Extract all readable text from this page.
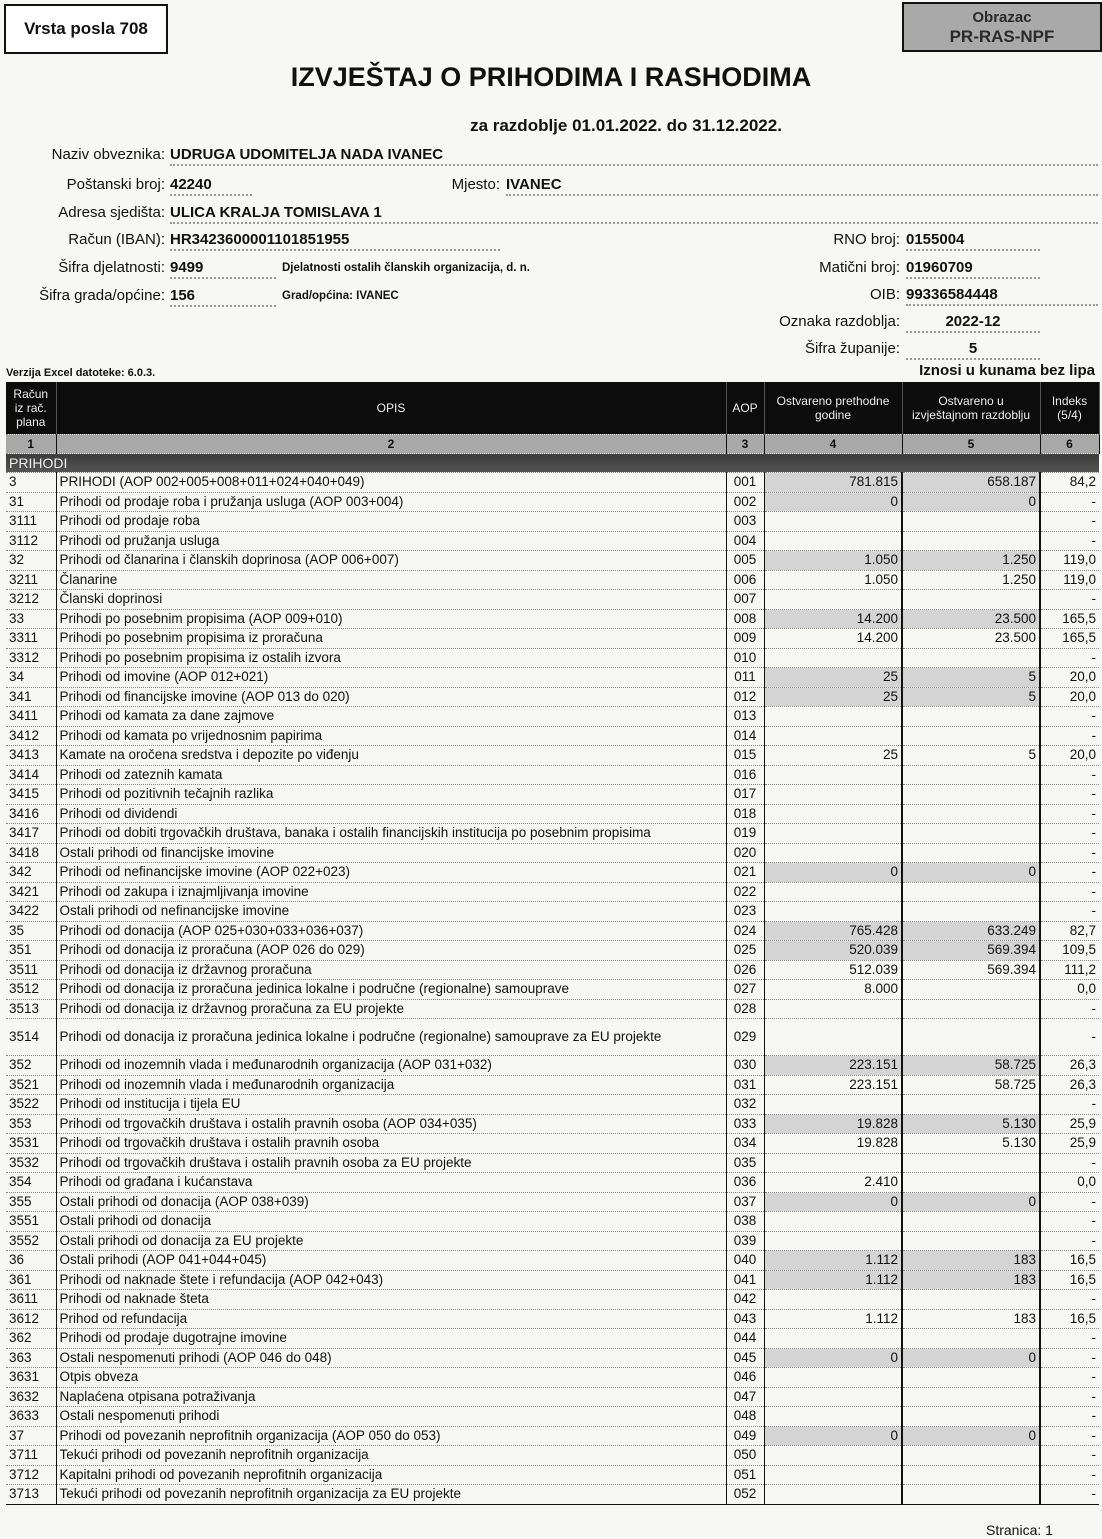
Vrsta posla 708
Obrazac
PR-RAS-NPF
IZVJEŠTAJ O PRIHODIMA I RASHODIMA
za razdoblje 01.01.2022. do 31.12.2022.
Naziv obveznika: UDRUGA UDOMITELJA NADA IVANEC
Poštanski broj: 42240	Mjesto: IVANEC
Adresa sjedišta: ULICA KRALJA TOMISLAVA 1
Račun (IBAN): HR3423600001101851955
Šifra djelatnosti: 9499	Djelatnosti ostalih članskih organizacija, d. n.
Šifra grada/općine: 156	Grad/općina: IVANEC
RNO broj: 0155004
Matični broj: 01960709
OIB: 99336584448
Oznaka razdoblja:	2022-12
Šifra županije:	5
Verzija Excel datoteke: 6.0.3.	Iznosi u kunama bez lipa
Račun iz rač. plana	OPIS	AOP	Ostvareno prethodne godine	Ostvareno u izvještajnom razdoblju	Indeks (5/4)
1	2	3	4	5	6
PRIHODI					
3	PRIHODI (AOP 002+005+008+011+024+040+049)	001	781.815	658.187	84,2
31	Prihodi od prodaje roba i pružanja usluga (AOP 003+004)	002	0	0	-
3111	Prihodi od prodaje roba	003			-
3112	Prihodi od pružanja usluga	004			-
32	Prihodi od članarina i članskih doprinosa (AOP 006+007)	005	1.050	1.250	119,0
3211	Članarine	006	1.050	1.250	119,0
3212	Članski doprinosi	007			-
33	Prihodi po posebnim propisima (AOP 009+010)	008	14.200	23.500	165,5
3311	Prihodi po posebnim propisima iz proračuna	009	14.200	23.500	165,5
3312	Prihodi po posebnim propisima iz ostalih izvora	010			-
34	Prihodi od imovine (AOP 012+021)	011	25	5	20,0
341	Prihodi od financijske imovine (AOP 013 do 020)	012	25	5	20,0
3411	Prihodi od kamata za dane zajmove	013			-
3412	Prihodi od kamata po vrijednosnim papirima	014			-
3413	Kamate na oročena sredstva i depozite po viđenju	015	25	5	20,0
3414	Prihodi od zateznih kamata	016			-
3415	Prihodi od pozitivnih tečajnih razlika	017			-
3416	Prihodi od dividendi	018			-
3417	Prihodi od dobiti trgovačkih društava, banaka i ostalih financijskih institucija po posebnim propisima	019			-
3418	Ostali prihodi od financijske imovine	020			-
342	Prihodi od nefinancijske imovine (AOP 022+023)	021	0	0	-
3421	Prihodi od zakupa i iznajmljivanja imovine	022			-
3422	Ostali prihodi od nefinancijske imovine	023			-
35	Prihodi od donacija (AOP 025+030+033+036+037)	024	765.428	633.249	82,7
351	Prihodi od donacija iz proračuna (AOP 026 do 029)	025	520.039	569.394	109,5
3511	Prihodi od donacija iz državnog proračuna	026	512.039	569.394	111,2
3512	Prihodi od donacija iz proračuna jedinica lokalne i područne (regionalne) samouprave	027	8.000		0,0
3513	Prihodi od donacija iz državnog proračuna za EU projekte	028			-
3514	Prihodi od donacija iz proračuna jedinica lokalne i područne (regionalne) samouprave za EU projekte	029			-
352	Prihodi od inozemnih vlada i međunarodnih organizacija (AOP 031+032)	030	223.151	58.725	26,3
3521	Prihodi od inozemnih vlada i međunarodnih organizacija	031	223.151	58.725	26,3
3522	Prihodi od institucija i tijela EU	032			-
353	Prihodi od trgovačkih društava i ostalih pravnih osoba (AOP 034+035)	033	19.828	5.130	25,9
3531	Prihodi od trgovačkih društava i ostalih pravnih osoba	034	19.828	5.130	25,9
3532	Prihodi od trgovačkih društava i ostalih pravnih osoba za EU projekte	035			-
354	Prihodi od građana i kućanstava	036	2.410		0,0
355	Ostali prihodi od donacija (AOP 038+039)	037	0	0	-
3551	Ostali prihodi od donacija	038			-
3552	Ostali prihodi od donacija za EU projekte	039			-
36	Ostali prihodi (AOP 041+044+045)	040	1.112	183	16,5
361	Prihodi od naknade štete i refundacija (AOP 042+043)	041	1.112	183	16,5
3611	Prihodi od naknade šteta	042			-
3612	Prihod od refundacija	043	1.112	183	16,5
362	Prihodi od prodaje dugotrajne imovine	044			-
363	Ostali nespomenuti prihodi (AOP 046 do 048)	045	0	0	-
3631	Otpis obveza	046			-
3632	Naplaćena otpisana potraživanja	047			-
3633	Ostali nespomenuti prihodi	048			-
37	Prihodi od povezanih neprofitnih organizacija (AOP 050 do 053)	049	0	0	-
3711	Tekući prihodi od povezanih neprofitnih organizacija	050			-
3712	Kapitalni prihodi od povezanih neprofitnih organizacija	051			-
3713	Tekući prihodi od povezanih neprofitnih organizacija za EU projekte	052			-
Stranica: 1
